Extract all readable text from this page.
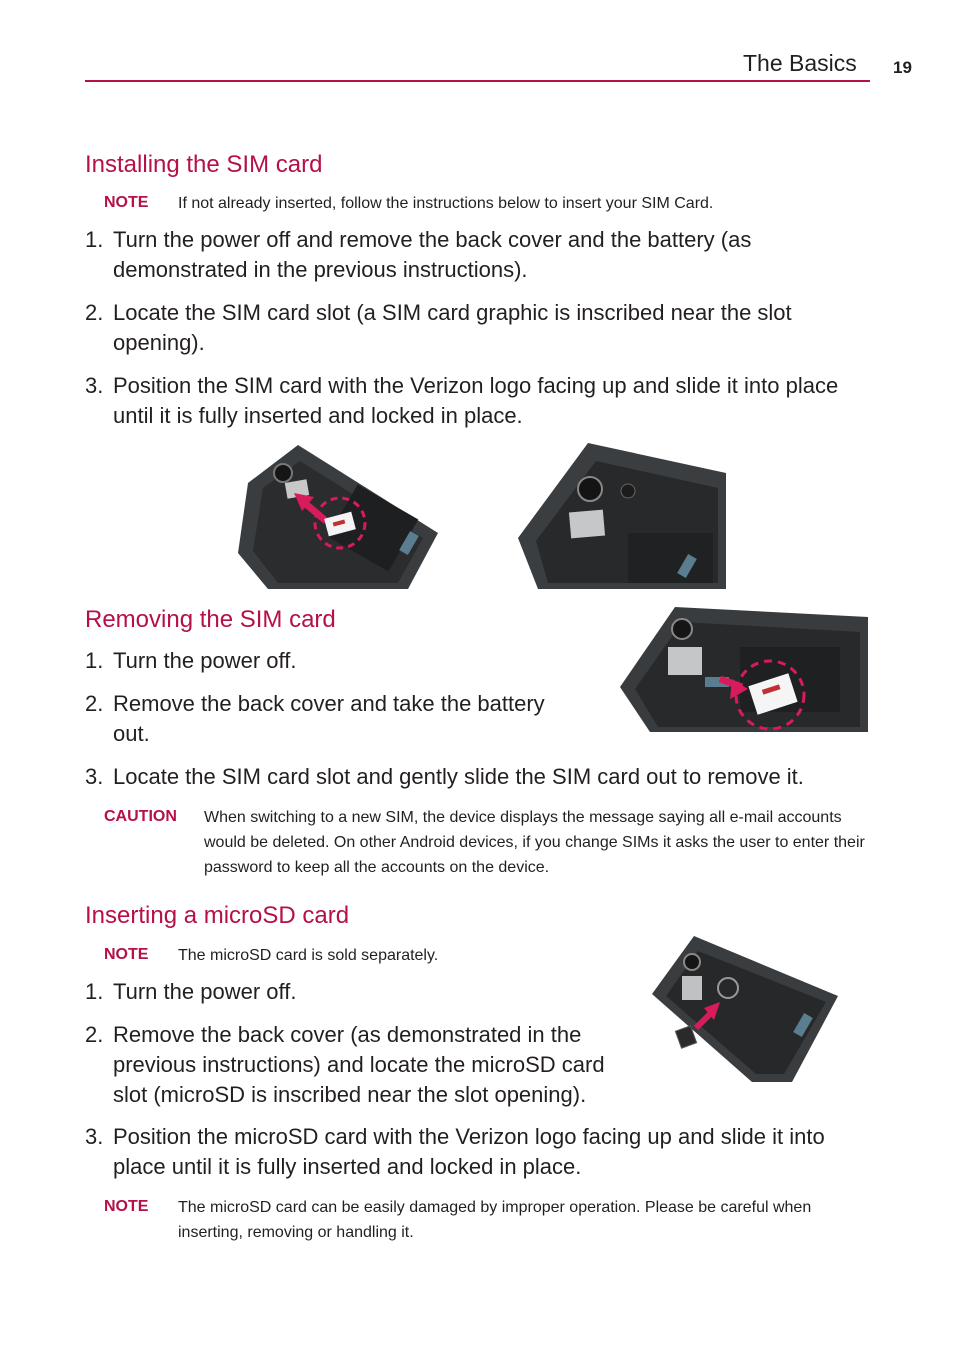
The Basics 19
Installing the SIM card
NOTE If not already inserted, follow the instructions below to insert your SIM Card.
1. Turn the power off and remove the back cover and the battery (as demonstrated in the previous instructions).
2. Locate the SIM card slot (a SIM card graphic is inscribed near the slot opening).
3. Position the SIM card with the Verizon logo facing up and slide it into place until it is fully inserted and locked in place.
Removing the SIM card
1. Turn the power off.
2. Remove the back cover and take the battery out.
3. Locate the SIM card slot and gently slide the SIM card out to remove it.
CAUTION When switching to a new SIM, the device displays the message saying all e-mail accounts would be deleted. On other Android devices, if you change SIMs it asks the user to enter their password to keep all the accounts on the device.
Inserting a microSD card
NOTE The microSD card is sold separately.
1. Turn the power off.
2. Remove the back cover (as demonstrated in the previous instructions) and locate the microSD card slot (microSD is inscribed near the slot opening).
3. Position the microSD card with the Verizon logo facing up and slide it into place until it is fully inserted and locked in place.
NOTE The microSD card can be easily damaged by improper operation. Please be careful when inserting, removing or handling it.
